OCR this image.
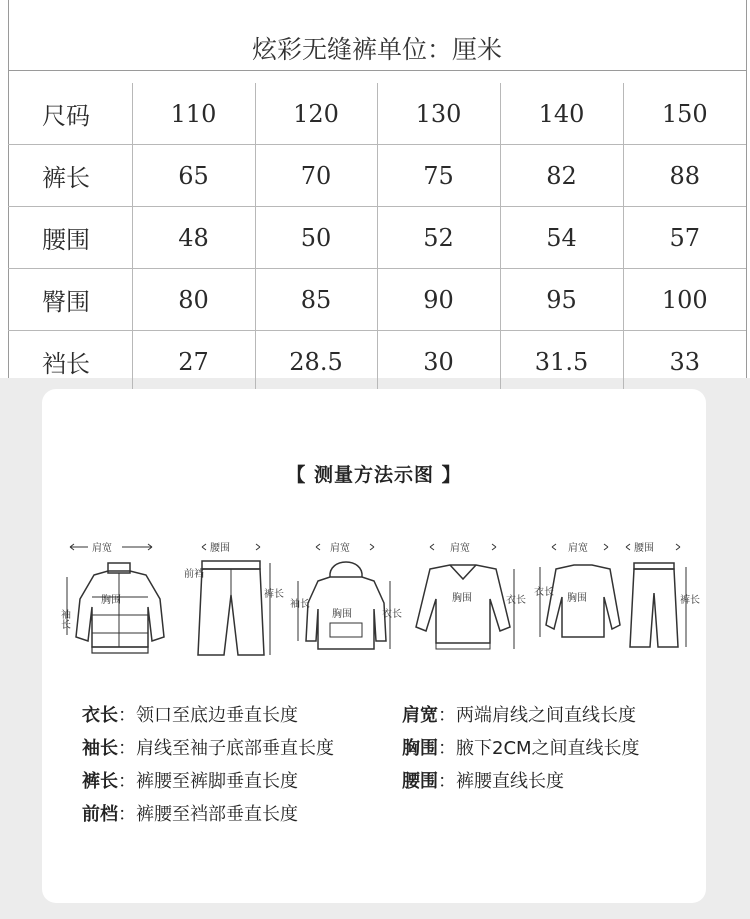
炫彩无缝裤单位：厘米
尺码	110	120	130	140	150
裤长	65	70	75	82	88
腰围	48	50	52	54	57
臀围	80	85	90	95	100
裆长	27	28.5	30	31.5	33
【 测量方法示图 】
肩宽
胸围
袖长
腰围
前裆
裤长
肩宽
胸围
袖长
衣长
肩宽
胸围	衣长
肩宽	腰围
胸围
衣长
裤长
衣长：领口至底边垂直长度	肩宽：两端肩线之间直线长度
袖长：肩线至袖子底部垂直长度	胸围：腋下2CM之间直线长度
裤长：裤腰至裤脚垂直长度	腰围：裤腰直线长度
前档：裤腰至裆部垂直长度
